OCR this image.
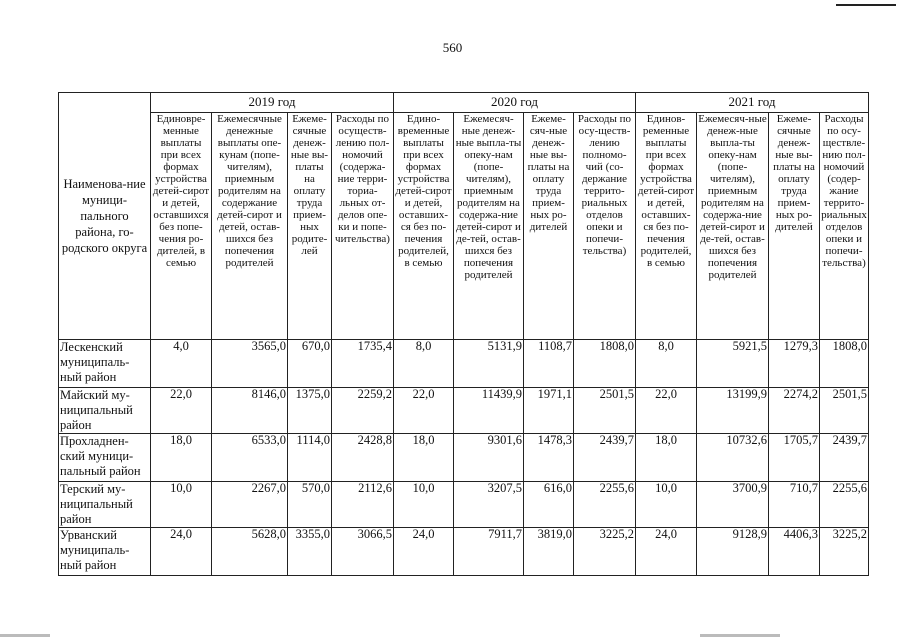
560
Наименова-ние муници-пального района, го-родского округа	2019 год				2020 год				2021 год			
	Единовре-менные выплаты при всех формах устройства детей-сирот и детей, оставшихся без попе-чения ро-дителей, в семью	Ежемесячные денежные выплаты опе-кунам (попе-чителям), приемным родителям на содержание детей-сирот и детей, остав-шихся без попечения родителей	Ежеме-сячные денеж-ные вы-платы на оплату труда прием-ных родите-лей	Расходы по осуществ-лению пол-номочий (содержа-ние терри-ториа-льных от-делов опе-ки и попе-чительства)	Едино-временные выплаты при всех формах устройства детей-сирот и детей, оставших-ся без по-печения родителей, в семью	Ежемесяч-ные денеж-ные выпла-ты опеку-нам (попе-чителям), приемным родителям на содержа-ние детей-сирот и де-тей, остав-шихся без попечения родителей	Ежеме-сяч-ные денеж-ные вы-платы на оплату труда прием-ных ро-дителей	Расходы по осу-ществ-лению полномо-чий (со-держание террито-риальных отделов опеки и попечи-тельства)	Единов-ременные выплаты при всех формах устройства детей-сирот и детей, оставших-ся без по-печения родителей, в семью	Ежемесяч-ные денеж-ные выпла-ты опеку-нам (попе-чителям), приемным родителям на содержа-ние детей-сирот и де-тей, остав-шихся без попечения родителей	Ежеме-сячные денеж-ные вы-платы на оплату труда прием-ных ро-дителей	Расходы по осу-ществле-нию пол-номочий (содер-жание террито-риальных отделов опеки и попечи-тельства)
Лескенский муниципаль-ный район	4,0	3565,0	670,0	1735,4	8,0	5131,9	1108,7	1808,0	8,0	5921,5	1279,3	1808,0
Майский му-ниципальный район	22,0	8146,0	1375,0	2259,2	22,0	11439,9	1971,1	2501,5	22,0	13199,9	2274,2	2501,5
Прохладнен-ский муници-пальный район	18,0	6533,0	1114,0	2428,8	18,0	9301,6	1478,3	2439,7	18,0	10732,6	1705,7	2439,7
Терский му-ниципальный район	10,0	2267,0	570,0	2112,6	10,0	3207,5	616,0	2255,6	10,0	3700,9	710,7	2255,6
Урванский муниципаль-ный район	24,0	5628,0	3355,0	3066,5	24,0	7911,7	3819,0	3225,2	24,0	9128,9	4406,3	3225,2
